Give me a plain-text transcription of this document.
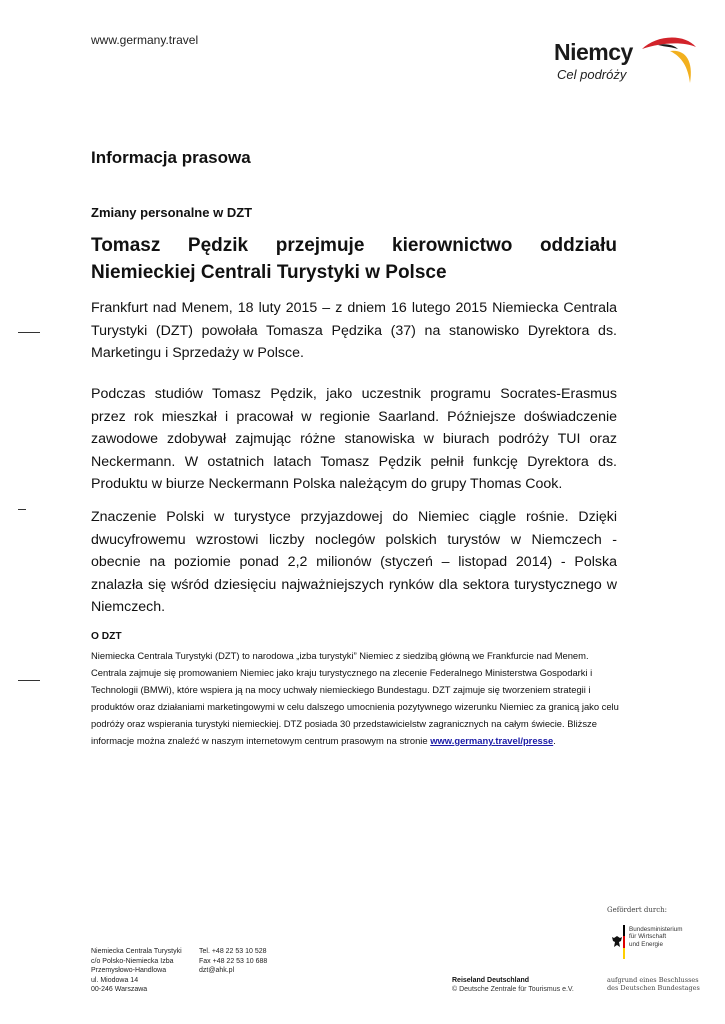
www.germany.travel	Niemcy
Cel podróży
Informacja prasowa
Zmiany personalne w DZT
Tomasz Pędzik przejmuje kierownictwo oddziału Niemieckiej Centrali Turystyki w Polsce
Frankfurt nad Menem, 18 luty 2015 – z dniem 16 lutego 2015 Niemiecka Centrala Turystyki (DZT) powołała Tomasza Pędzika (37) na stanowisko Dyrektora ds. Marketingu i Sprzedaży w Polsce.
Podczas studiów Tomasz Pędzik, jako uczestnik programu Socrates-Erasmus przez rok mieszkał i pracował w regionie Saarland. Późniejsze doświadczenie zawodowe zdobywał zajmując różne stanowiska w biurach podróży TUI oraz Neckermann. W ostatnich latach Tomasz Pędzik pełnił funkcję Dyrektora ds. Produktu w biurze Neckermann Polska należącym do grupy Thomas Cook.
Znaczenie Polski w turystyce przyjazdowej do Niemiec ciągle rośnie. Dzięki dwucyfrowemu wzrostowi liczby noclegów polskich turystów w Niemczech - obecnie na poziomie ponad 2,2 milionów (styczeń – listopad 2014) - Polska znalazła się wśród dziesięciu najważniejszych rynków dla sektora turystycznego w Niemczech.
O DZT
Niemiecka Centrala Turystyki (DZT) to narodowa „izba turystyki” Niemiec z siedzibą główną we Frankfurcie nad Menem. Centrala zajmuje się promowaniem Niemiec jako kraju turystycznego na zlecenie Federalnego Ministerstwa Gospodarki i Technologii (BMWi), które wspiera ją na mocy uchwały niemieckiego Bundestagu. DZT zajmuje się tworzeniem strategii i produktów oraz działaniami marketingowymi w celu dalszego umocnienia pozytywnego wizerunku Niemiec za granicą jako celu podróży oraz wspierania turystyki niemieckiej. DTZ posiada 30 przedstawicielstw zagranicznych na całym świecie. Bliższe informacje można znaleźć w naszym internetowym centrum prasowym na stronie www.germany.travel/presse.
Niemiecka Centrala Turystyki
c/o Polsko-Niemiecka Izba
Przemysłowo-Handlowa
ul. Miodowa 14
00-246 Warszawa
Tel. +48 22 53 10 528
Fax +48 22 53 10 688
dzt@ahk.pl
Reiseland Deutschland
© Deutsche Zentrale für Tourismus e.V.
Gefördert durch:
Bundesministerium
für Wirtschaft
und Energie
aufgrund eines Beschlusses
des Deutschen Bundestages
